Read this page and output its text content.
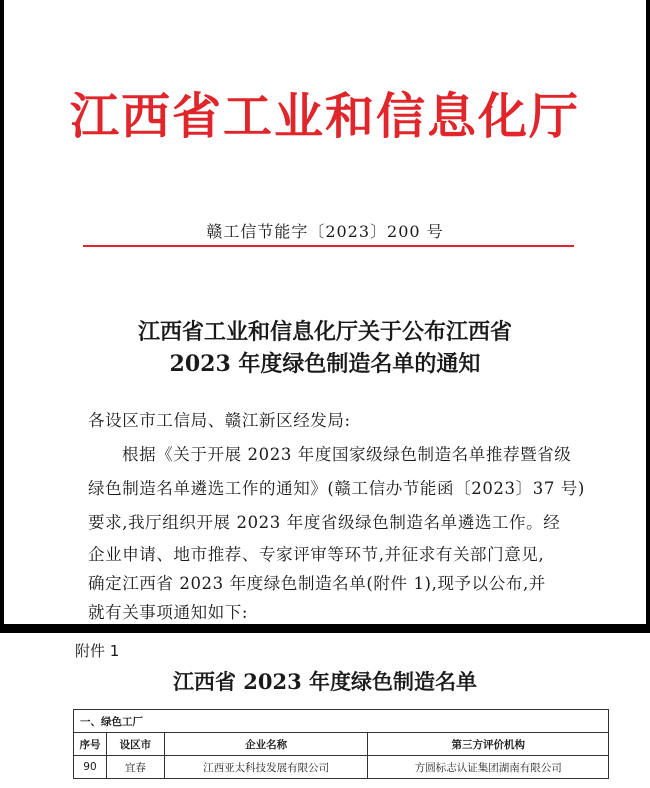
江西省工业和信息化厅
赣工信节能字〔2023〕200 号
江西省工业和信息化厅关于公布江西省
2023 年度绿色制造名单的通知
各设区市工信局、赣江新区经发局:
根据《关于开展 2023 年度国家级绿色制造名单推荐暨省级
绿色制造名单遴选工作的通知》(赣工信办节能函〔2023〕37 号)
要求,我厅组织开展 2023 年度省级绿色制造名单遴选工作。经
企业申请、地市推荐、专家评审等环节,并征求有关部门意见,
确定江西省 2023 年度绿色制造名单(附件 1),现予以公布,并
就有关事项通知如下:
附件 1
江西省 2023 年度绿色制造名单
一、绿色工厂			
序号	设区市	企业名称	第三方评价机构
90	宜春	江西亚太科技发展有限公司	方圆标志认证集团湖南有限公司
